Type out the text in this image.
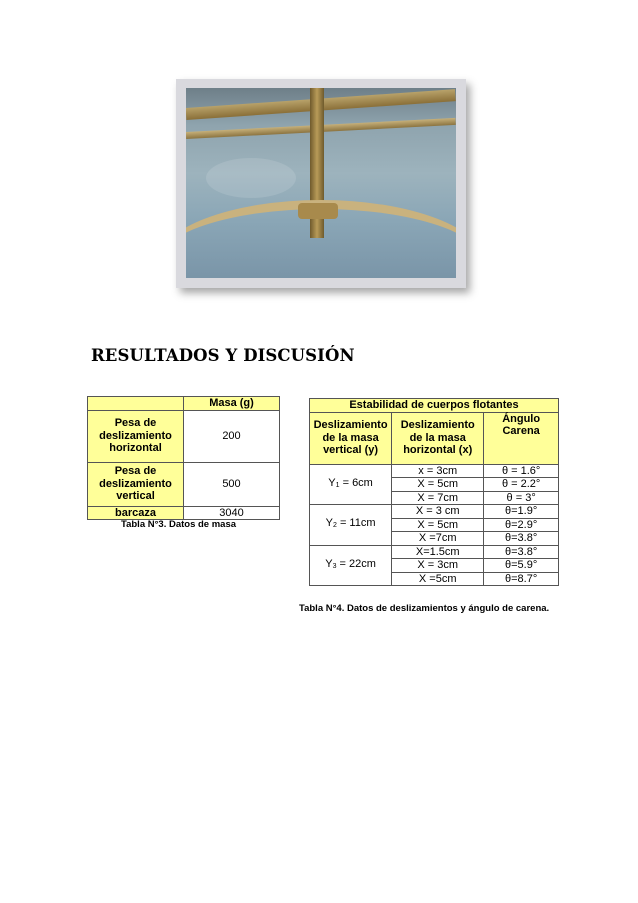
RESULTADOS Y DISCUSIÓN
	Masa (g)
Pesa de deslizamiento horizontal	200
Pesa de deslizamiento vertical	500
barcaza	3040
Tabla N°3. Datos de masa
Estabilidad de cuerpos flotantes		
Deslizamiento de la masa vertical (y)	Deslizamiento de la masa horizontal (x)	Ángulo Carena
$Y_1 = 6cm$	x = 3cm	θ = 1.6°
	X = 5cm	θ = 2.2°
	X = 7cm	θ = 3°
$Y_2 = 11cm$	X = 3 cm	θ=1.9°
	X = 5cm	θ=2.9°
	X =7cm	θ=3.8°
$Y_3 = 22cm$	X=1.5cm	θ=3.8°
	X = 3cm	θ=5.9°
	X =5cm	θ=8.7°
Tabla N°4. Datos de deslizamientos y ángulo de carena.
